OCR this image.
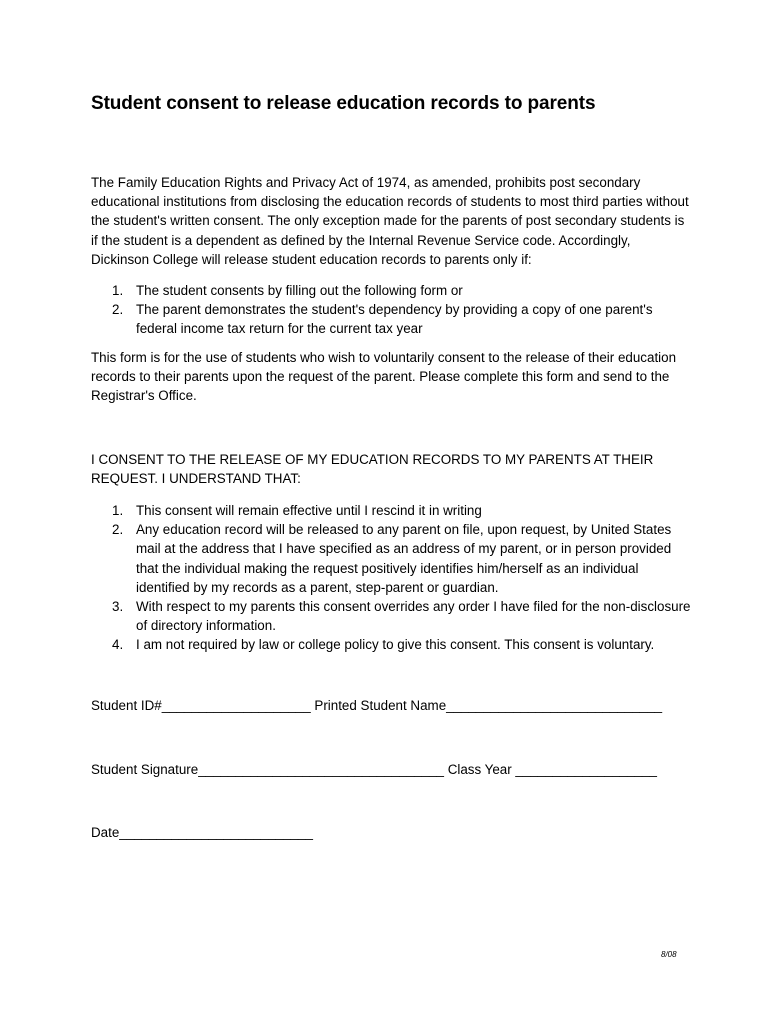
Student consent to release education records to parents

The Family Education Rights and Privacy Act of 1974, as amended, prohibits post secondary educational institutions from disclosing the education records of students to most third parties without the student's written consent. The only exception made for the parents of post secondary students is if the student is a dependent as defined by the Internal Revenue Service code. Accordingly, Dickinson College will release student education records to parents only if:

1. The student consents by filling out the following form or
2. The parent demonstrates the student's dependency by providing a copy of one parent's federal income tax return for the current tax year

This form is for the use of students who wish to voluntarily consent to the release of their education records to their parents upon the request of the parent. Please complete this form and send to the Registrar's Office.

I CONSENT TO THE RELEASE OF MY EDUCATION RECORDS TO MY PARENTS AT THEIR REQUEST. I UNDERSTAND THAT:

1. This consent will remain effective until I rescind it in writing
2. Any education record will be released to any parent on file, upon request, by United States mail at the address that I have specified as an address of my parent, or in person provided that the individual making the request positively identifies him/herself as an individual identified by my records as a parent, step-parent or guardian.
3. With respect to my parents this consent overrides any order I have filed for the non-disclosure of directory information.
4. I am not required by law or college policy to give this consent. This consent is voluntary.
Student ID#____________________ Printed Student Name_____________________________
Student Signature_________________________________ Class Year ___________________
Date__________________________
8/08
